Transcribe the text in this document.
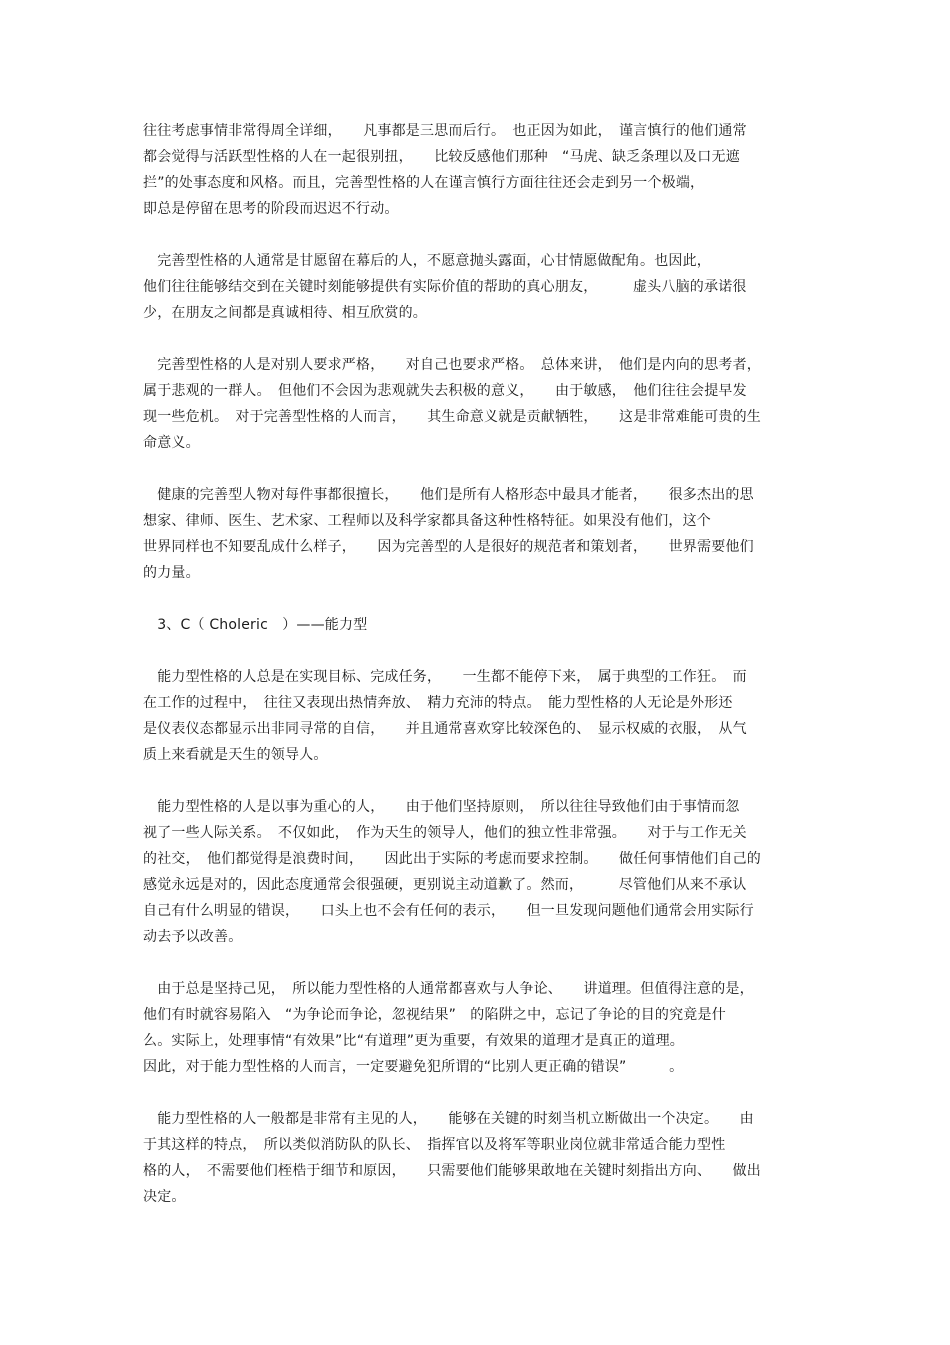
往往考虑事情非常得周全详细，　　凡事都是三思而后行。　也正因为如此，　谨言慎行的他们通常
都会觉得与活跃型性格的人在一起很别扭，　　比较反感他们那种　“马虎、缺乏条理以及口无遮
拦”的处事态度和风格。而且，完善型性格的人在谨言慎行方面往往还会走到另一个极端，
即总是停留在思考的阶段而迟迟不行动。
　完善型性格的人通常是甘愿留在幕后的人，不愿意抛头露面，心甘情愿做配角。也因此，
他们往往能够结交到在关键时刻能够提供有实际价值的帮助的真心朋友，　　　虚头八脑的承诺很
少，在朋友之间都是真诚相待、相互欣赏的。
　完善型性格的人是对别人要求严格，　　对自己也要求严格。　总体来讲，　他们是内向的思考者，
属于悲观的一群人。　但他们不会因为悲观就失去积极的意义，　　由于敏感，　他们往往会提早发
现一些危机。　对于完善型性格的人而言，　　其生命意义就是贡献牺牲，　　这是非常难能可贵的生
命意义。
　健康的完善型人物对每件事都很擅长，　　他们是所有人格形态中最具才能者，　　很多杰出的思
想家、律师、医生、艺术家、工程师以及科学家都具备这种性格特征。如果没有他们，这个
世界同样也不知要乱成什么样子，　　因为完善型的人是很好的规范者和策划者，　　世界需要他们
的力量。
　3、C（ Choleric　）——能力型
　能力型性格的人总是在实现目标、完成任务，　　一生都不能停下来，　属于典型的工作狂。　而
在工作的过程中，　往往又表现出热情奔放、　精力充沛的特点。　能力型性格的人无论是外形还
是仪表仪态都显示出非同寻常的自信，　　并且通常喜欢穿比较深色的、　显示权威的衣服，　从气
质上来看就是天生的领导人。
　能力型性格的人是以事为重心的人，　　由于他们坚持原则，　所以往往导致他们由于事情而忽
视了一些人际关系。　不仅如此，　作为天生的领导人，他们的独立性非常强。　　对于与工作无关
的社交，　他们都觉得是浪费时间，　　因此出于实际的考虑而要求控制。　　做任何事情他们自己的
感觉永远是对的，因此态度通常会很强硬，更别说主动道歉了。然而，　　　尽管他们从来不承认
自己有什么明显的错误，　　口头上也不会有任何的表示，　　但一旦发现问题他们通常会用实际行
动去予以改善。
　由于总是坚持己见，　所以能力型性格的人通常都喜欢与人争论、　　讲道理。但值得注意的是，
他们有时就容易陷入　“为争论而争论，忽视结果”　的陷阱之中，忘记了争论的目的究竟是什
么。实际上，处理事情“有效果”比“有道理”更为重要，有效果的道理才是真正的道理。
因此，对于能力型性格的人而言，一定要避免犯所谓的“比别人更正确的错误”　　　。
　能力型性格的人一般都是非常有主见的人，　　能够在关键的时刻当机立断做出一个决定。　　由
于其这样的特点，　所以类似消防队的队长、　指挥官以及将军等职业岗位就非常适合能力型性
格的人，　不需要他们桎梏于细节和原因，　　只需要他们能够果敢地在关键时刻指出方向、　　做出
决定。
